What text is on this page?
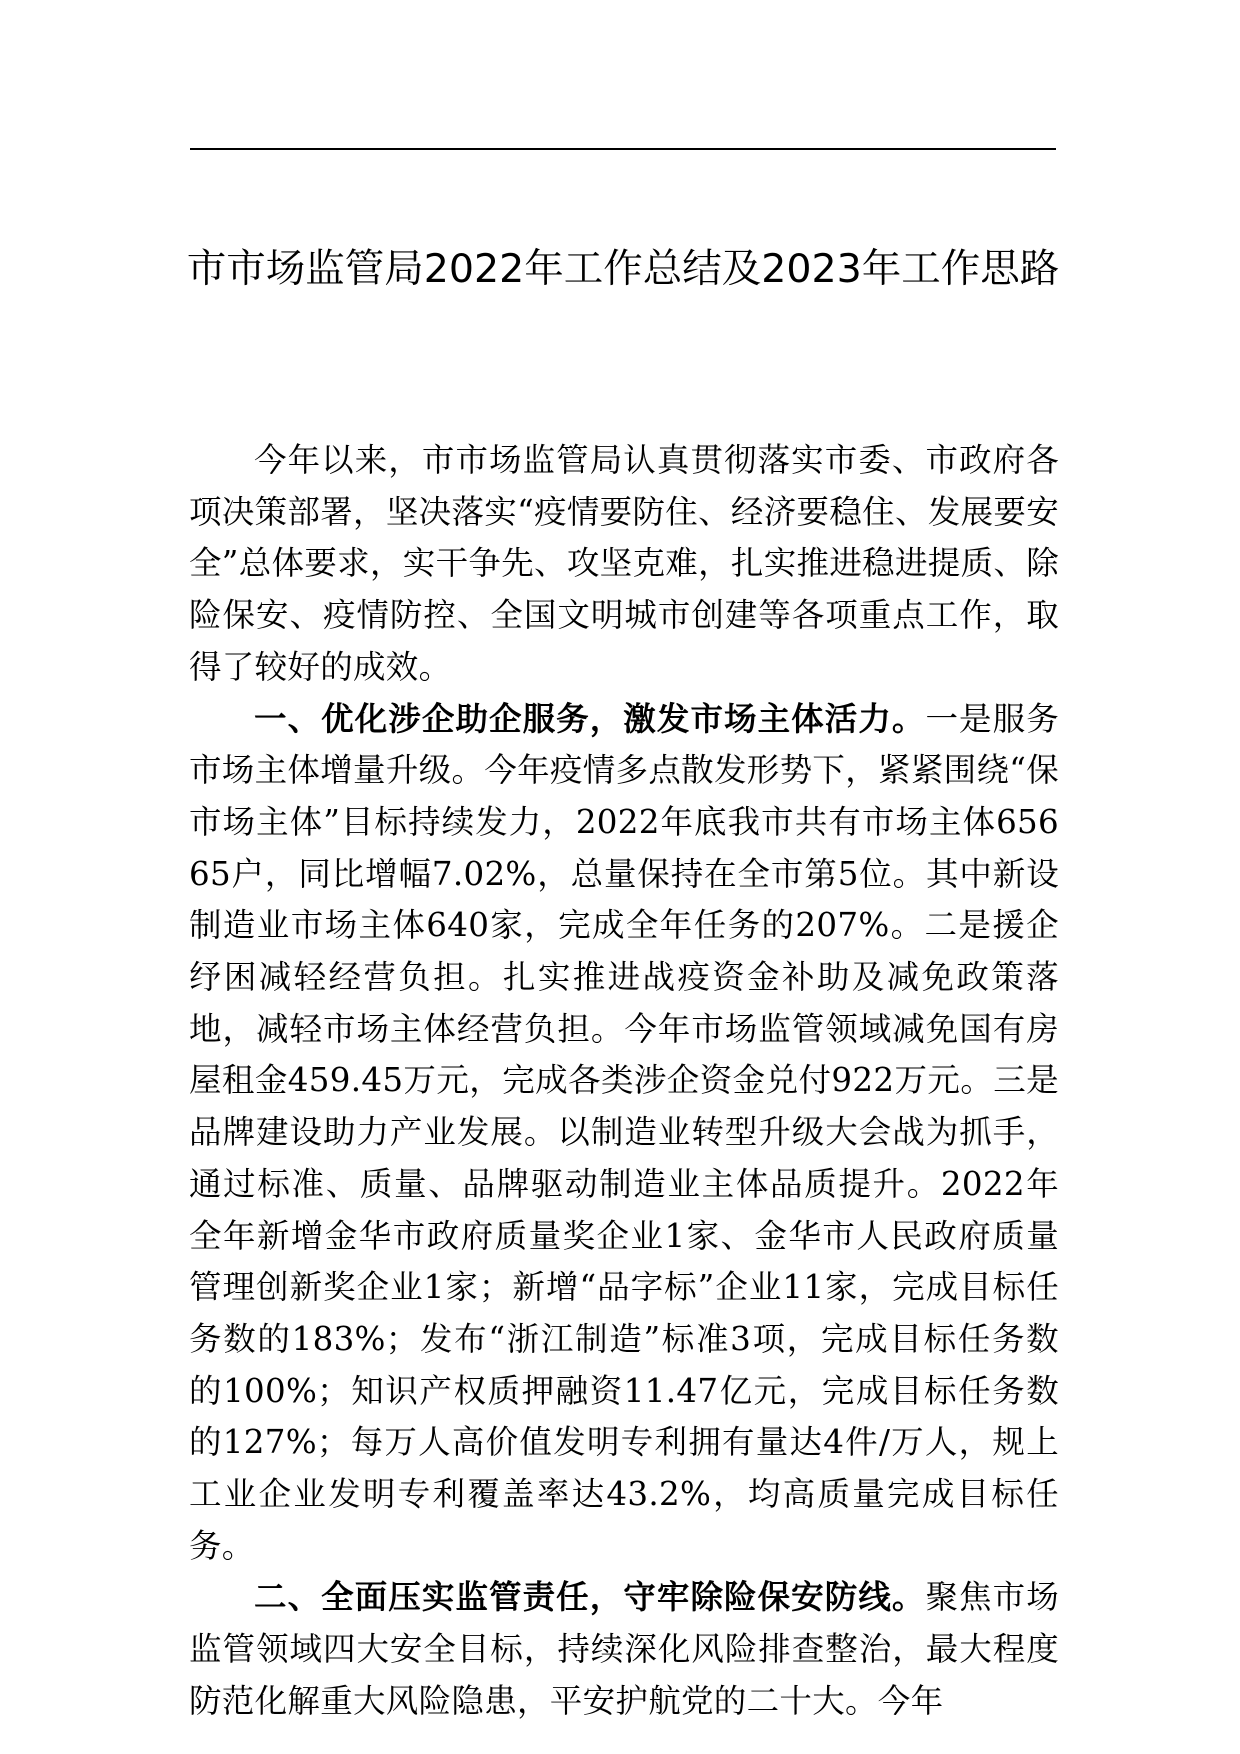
市市场监管局2022年工作总结及2023年工作思路

今年以来，市市场监管局认真贯彻落实市委、市政府各项决策部署，坚决落实“疫情要防住、经济要稳住、发展要安全”总体要求，实干争先、攻坚克难，扎实推进稳进提质、除险保安、疫情防控、全国文明城市创建等各项重点工作，取得了较好的成效。

一、优化涉企助企服务，激发市场主体活力。一是服务市场主体增量升级。今年疫情多点散发形势下，紧紧围绕“保市场主体”目标持续发力，2022年底我市共有市场主体65665户，同比增幅7.02%，总量保持在全市第5位。其中新设制造业市场主体640家，完成全年任务的207%。二是援企纾困减轻经营负担。扎实推进战疫资金补助及减免政策落地，减轻市场主体经营负担。今年市场监管领域减免国有房屋租金459.45万元，完成各类涉企资金兑付922万元。三是品牌建设助力产业发展。以制造业转型升级大会战为抓手，通过标准、质量、品牌驱动制造业主体品质提升。2022年全年新增金华市政府质量奖企业1家、金华市人民政府质量管理创新奖企业1家；新增“品字标”企业11家，完成目标任务数的183%；发布“浙江制造”标准3项，完成目标任务数的100%；知识产权质押融资11.47亿元，完成目标任务数的127%；每万人高价值发明专利拥有量达4件/万人，规上工业企业发明专利覆盖率达43.2%，均高质量完成目标任务。

二、全面压实监管责任，守牢除险保安防线。聚焦市场监管领域四大安全目标，持续深化风险排查整治，最大程度防范化解重大风险隐患，平安护航党的二十大。今年
